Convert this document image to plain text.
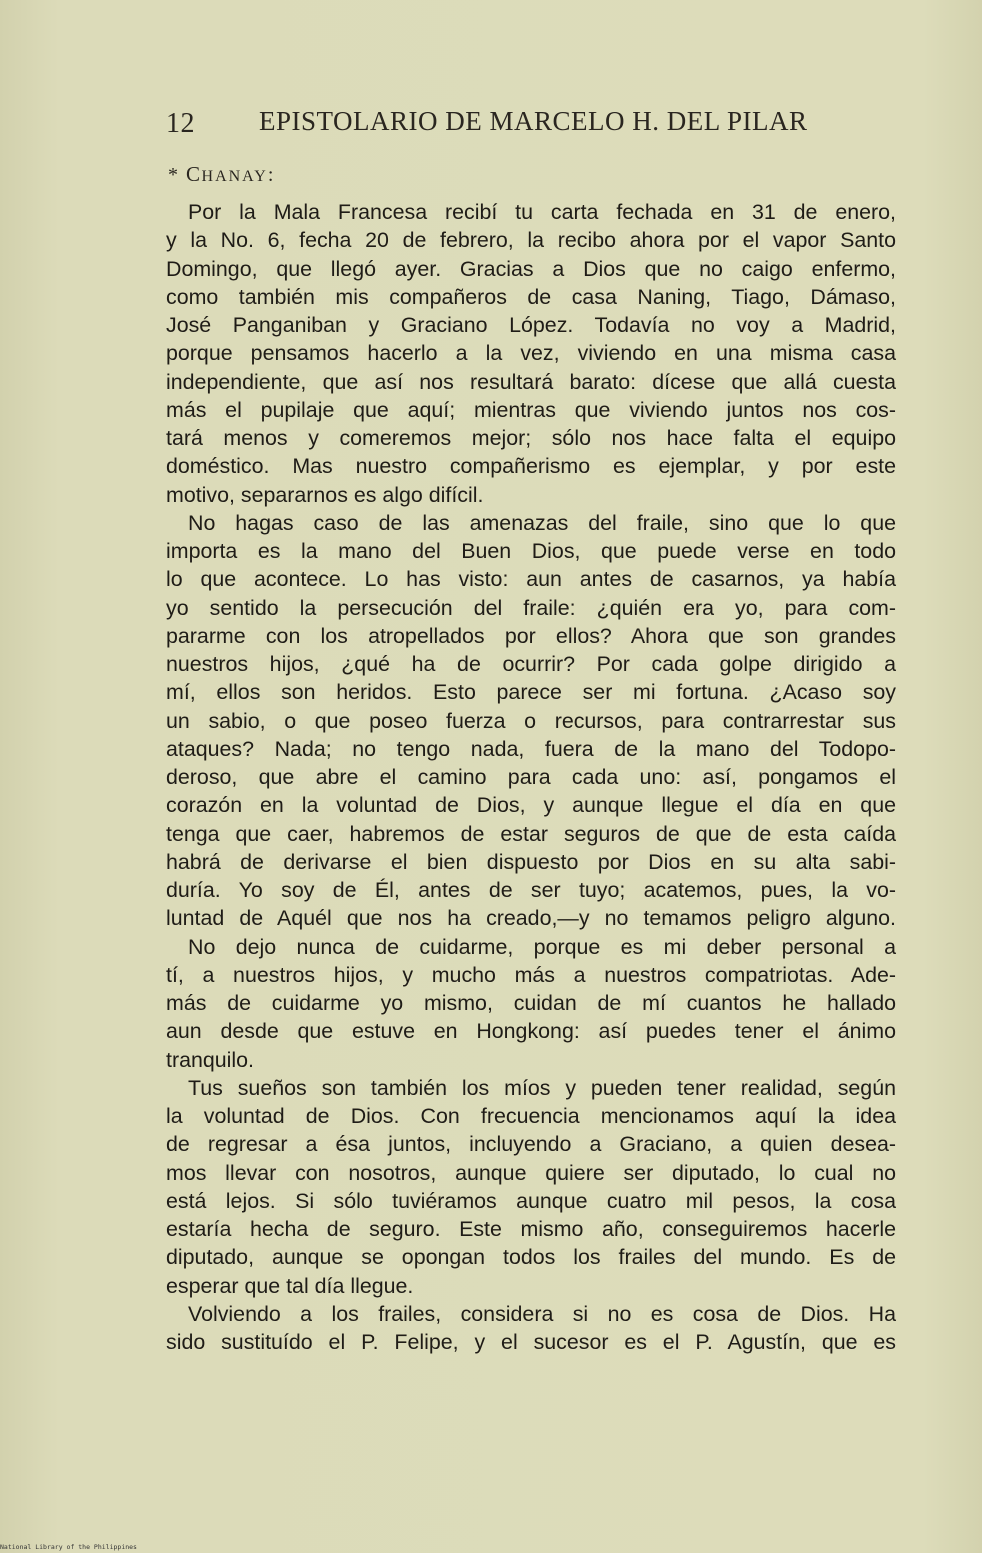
12 EPISTOLARIO DE MARCELO H. DEL PILAR
* CHANAY:
Por la Mala Francesa recibí tu carta fechada en 31 de enero,
y la No. 6, fecha 20 de febrero, la recibo ahora por el vapor Santo
Domingo, que llegó ayer. Gracias a Dios que no caigo enfermo,
como también mis compañeros de casa Naning, Tiago, Dámaso,
José Panganiban y Graciano López. Todavía no voy a Madrid,
porque pensamos hacerlo a la vez, viviendo en una misma casa
independiente, que así nos resultará barato: dícese que allá cuesta
más el pupilaje que aquí; mientras que viviendo juntos nos cos-
tará menos y comeremos mejor; sólo nos hace falta el equipo
doméstico. Mas nuestro compañerismo es ejemplar, y por este
motivo, separarnos es algo difícil.
No hagas caso de las amenazas del fraile, sino que lo que
importa es la mano del Buen Dios, que puede verse en todo
lo que acontece. Lo has visto: aun antes de casarnos, ya había
yo sentido la persecución del fraile: ¿quién era yo, para com-
pararme con los atropellados por ellos? Ahora que son grandes
nuestros hijos, ¿qué ha de ocurrir? Por cada golpe dirigido a
mí, ellos son heridos. Esto parece ser mi fortuna. ¿Acaso soy
un sabio, o que poseo fuerza o recursos, para contrarrestar sus
ataques? Nada; no tengo nada, fuera de la mano del Todopo-
deroso, que abre el camino para cada uno: así, pongamos el
corazón en la voluntad de Dios, y aunque llegue el día en que
tenga que caer, habremos de estar seguros de que de esta caída
habrá de derivarse el bien dispuesto por Dios en su alta sabi-
duría. Yo soy de Él, antes de ser tuyo; acatemos, pues, la vo-
luntad de Aquél que nos ha creado,—y no temamos peligro alguno.
No dejo nunca de cuidarme, porque es mi deber personal a
tí, a nuestros hijos, y mucho más a nuestros compatriotas. Ade-
más de cuidarme yo mismo, cuidan de mí cuantos he hallado
aun desde que estuve en Hongkong: así puedes tener el ánimo
tranquilo.
Tus sueños son también los míos y pueden tener realidad, según
la voluntad de Dios. Con frecuencia mencionamos aquí la idea
de regresar a ésa juntos, incluyendo a Graciano, a quien desea-
mos llevar con nosotros, aunque quiere ser diputado, lo cual no
está lejos. Si sólo tuviéramos aunque cuatro mil pesos, la cosa
estaría hecha de seguro. Este mismo año, conseguiremos hacerle
diputado, aunque se opongan todos los frailes del mundo. Es de
esperar que tal día llegue.
Volviendo a los frailes, considera si no es cosa de Dios. Ha
sido sustituído el P. Felipe, y el sucesor es el P. Agustín, que es
National Library of the Philippines
